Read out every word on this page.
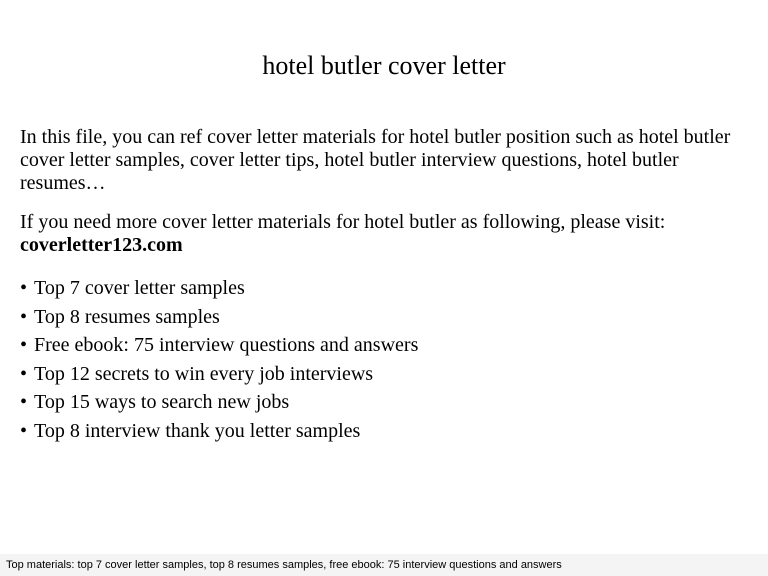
hotel butler cover letter

In this file, you can ref cover letter materials for hotel butler position such as hotel butler cover letter samples, cover letter tips, hotel butler interview questions, hotel butler resumes…

If you need more cover letter materials for hotel butler as following, please visit:
coverletter123.com

• Top 7 cover letter samples
• Top 8 resumes samples
• Free ebook: 75 interview questions and answers
• Top 12 secrets to win every job interviews
• Top 15 ways to search new jobs
• Top 8 interview thank you letter samples
Top materials: top 7 cover letter samples, top 8 resumes samples, free ebook: 75 interview questions and answers
